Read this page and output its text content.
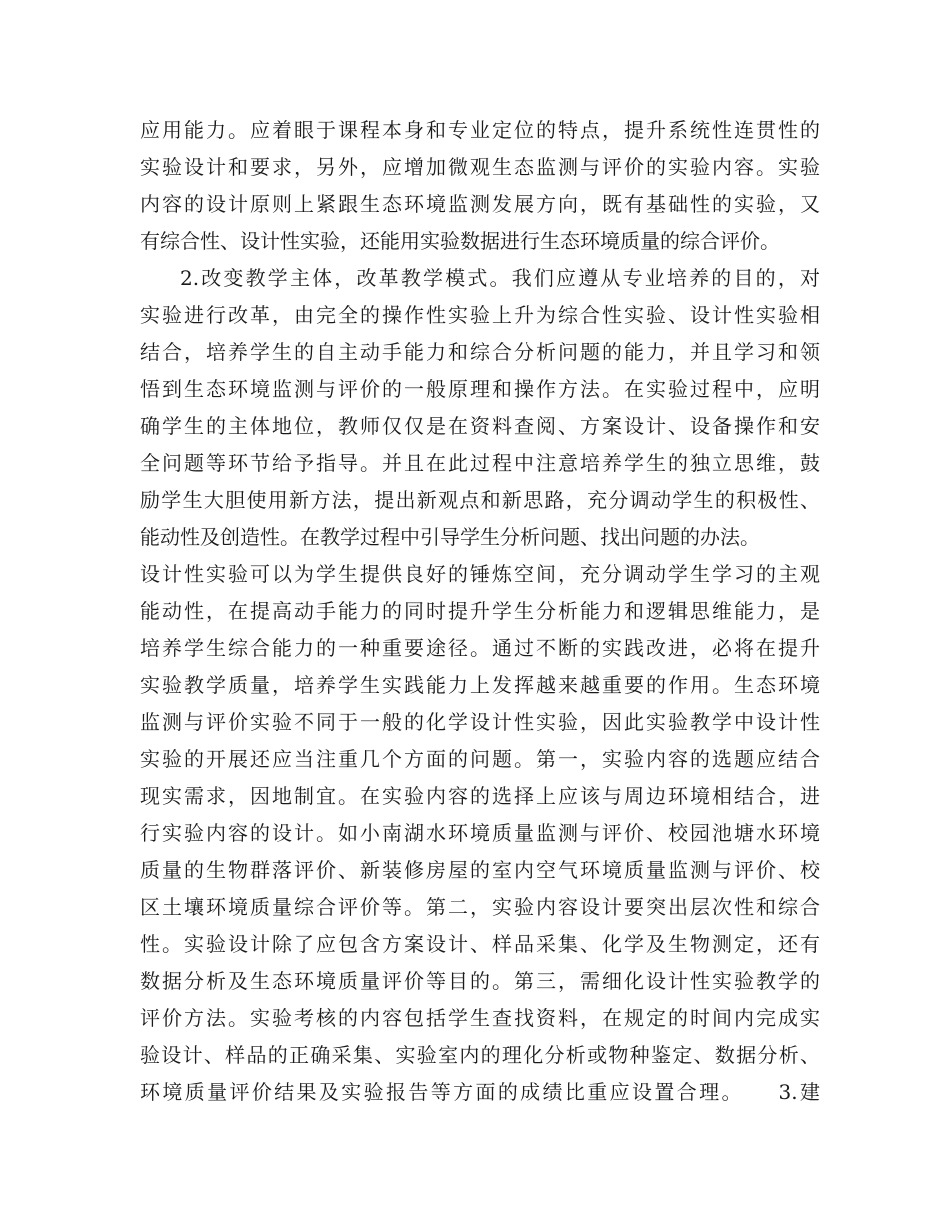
应用能力。应着眼于课程本身和专业定位的特点，提升系统性连贯性的
实验设计和要求，另外，应增加微观生态监测与评价的实验内容。实验
内容的设计原则上紧跟生态环境监测发展方向，既有基础性的实验，又
有综合性、设计性实验，还能用实验数据进行生态环境质量的综合评价。
2.改变教学主体，改革教学模式。我们应遵从专业培养的目的，对
实验进行改革，由完全的操作性实验上升为综合性实验、设计性实验相
结合，培养学生的自主动手能力和综合分析问题的能力，并且学习和领
悟到生态环境监测与评价的一般原理和操作方法。在实验过程中，应明
确学生的主体地位，教师仅仅是在资料查阅、方案设计、设备操作和安
全问题等环节给予指导。并且在此过程中注意培养学生的独立思维，鼓
励学生大胆使用新方法，提出新观点和新思路，充分调动学生的积极性、
能动性及创造性。在教学过程中引导学生分析问题、找出问题的办法。
设计性实验可以为学生提供良好的锤炼空间，充分调动学生学习的主观
能动性，在提高动手能力的同时提升学生分析能力和逻辑思维能力，是
培养学生综合能力的一种重要途径。通过不断的实践改进，必将在提升
实验教学质量，培养学生实践能力上发挥越来越重要的作用。生态环境
监测与评价实验不同于一般的化学设计性实验，因此实验教学中设计性
实验的开展还应当注重几个方面的问题。第一，实验内容的选题应结合
现实需求，因地制宜。在实验内容的选择上应该与周边环境相结合，进
行实验内容的设计。如小南湖水环境质量监测与评价、校园池塘水环境
质量的生物群落评价、新装修房屋的室内空气环境质量监测与评价、校
区土壤环境质量综合评价等。第二，实验内容设计要突出层次性和综合
性。实验设计除了应包含方案设计、样品采集、化学及生物测定，还有
数据分析及生态环境质量评价等目的。第三，需细化设计性实验教学的
评价方法。实验考核的内容包括学生查找资料，在规定的时间内完成实
验设计、样品的正确采集、实验室内的理化分析或物种鉴定、数据分析、
环境质量评价结果及实验报告等方面的成绩比重应设置合理。　　3.建
